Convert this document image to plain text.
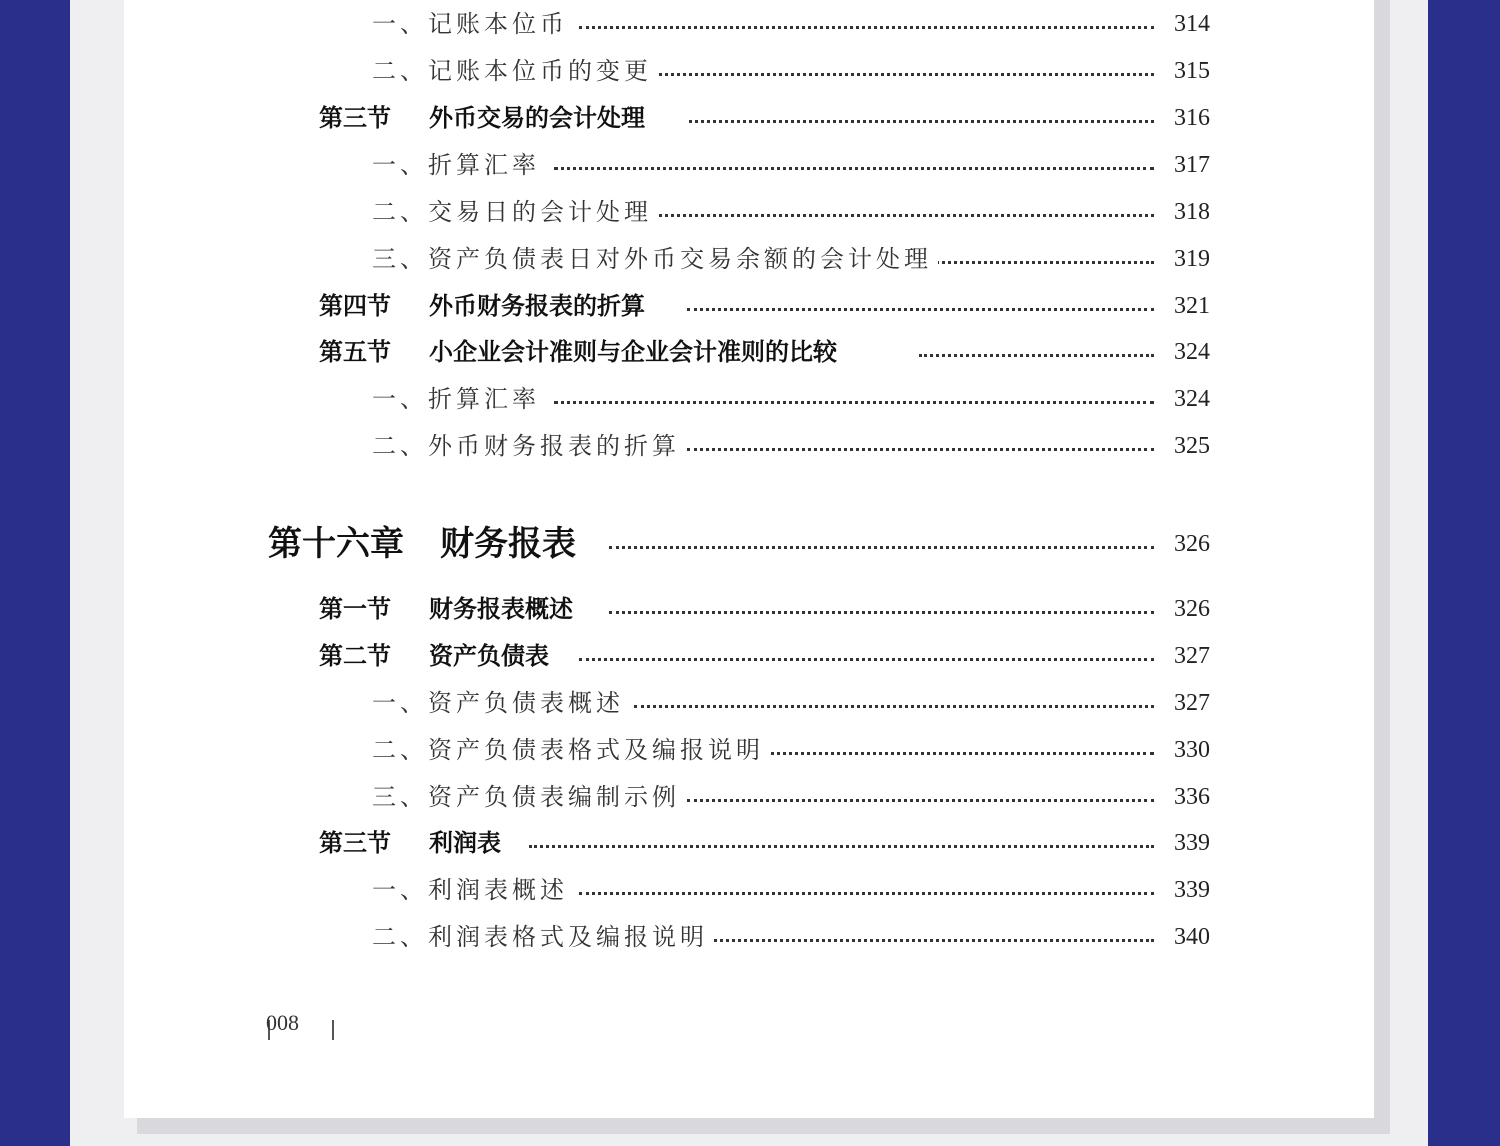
一、记账本位币	314
二、记账本位币的变更	315
第三节 外币交易的会计处理	316
一、折算汇率	317
二、交易日的会计处理	318
三、资产负债表日对外币交易余额的会计处理	319
第四节 外币财务报表的折算	321
第五节 小企业会计准则与企业会计准则的比较	324
一、折算汇率	324
二、外币财务报表的折算	325
第十六章 财务报表	326
第一节 财务报表概述	326
第二节 资产负债表	327
一、资产负债表概述	327
二、资产负债表格式及编报说明	330
三、资产负债表编制示例	336
第三节 利润表	339
一、利润表概述	339
二、利润表格式及编报说明	340
008
